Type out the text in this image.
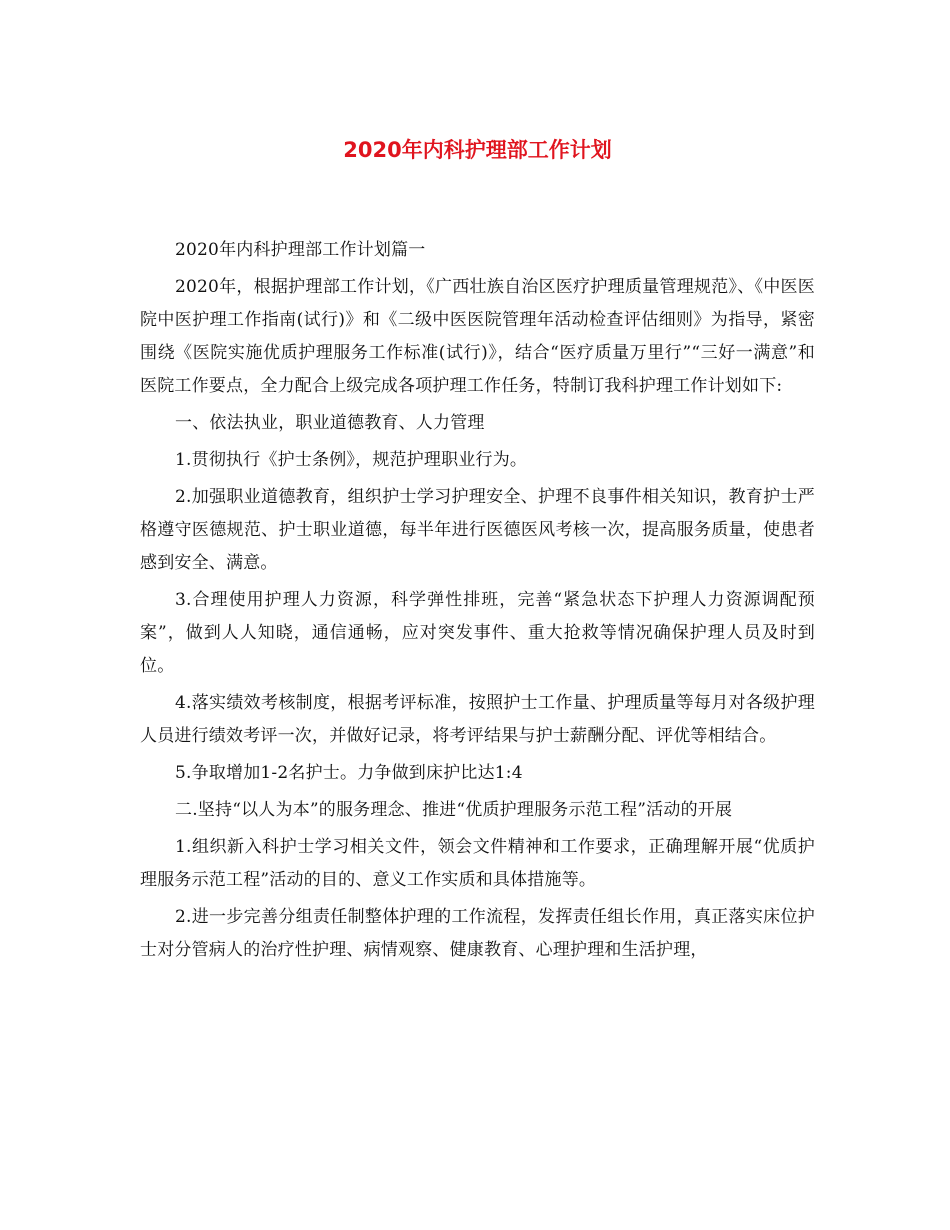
2020年内科护理部工作计划

2020年内科护理部工作计划篇一

2020年，根据护理部工作计划，《广西壮族自治区医疗护理质量管理规范》、《中医医院中医护理工作指南(试行)》和《二级中医医院管理年活动检查评估细则》为指导，紧密围绕《医院实施优质护理服务工作标准(试行)》，结合“医疗质量万里行”“三好一满意”和医院工作要点，全力配合上级完成各项护理工作任务，特制订我科护理工作计划如下:

一、依法执业，职业道德教育、人力管理

1.贯彻执行《护士条例》，规范护理职业行为。

2.加强职业道德教育，组织护士学习护理安全、护理不良事件相关知识，教育护士严格遵守医德规范、护士职业道德，每半年进行医德医风考核一次，提高服务质量，使患者感到安全、满意。

3.合理使用护理人力资源，科学弹性排班，完善“紧急状态下护理人力资源调配预案”，做到人人知晓，通信通畅，应对突发事件、重大抢救等情况确保护理人员及时到位。

4.落实绩效考核制度，根据考评标准，按照护士工作量、护理质量等每月对各级护理人员进行绩效考评一次，并做好记录，将考评结果与护士薪酬分配、评优等相结合。

5.争取增加1-2名护士。力争做到床护比达1:4

二.坚持“以人为本”的服务理念、推进“优质护理服务示范工程”活动的开展

1.组织新入科护士学习相关文件，领会文件精神和工作要求，正确理解开展“优质护理服务示范工程”活动的目的、意义工作实质和具体措施等。

2.进一步完善分组责任制整体护理的工作流程，发挥责任组长作用，真正落实床位护士对分管病人的治疗性护理、病情观察、健康教育、心理护理和生活护理，
